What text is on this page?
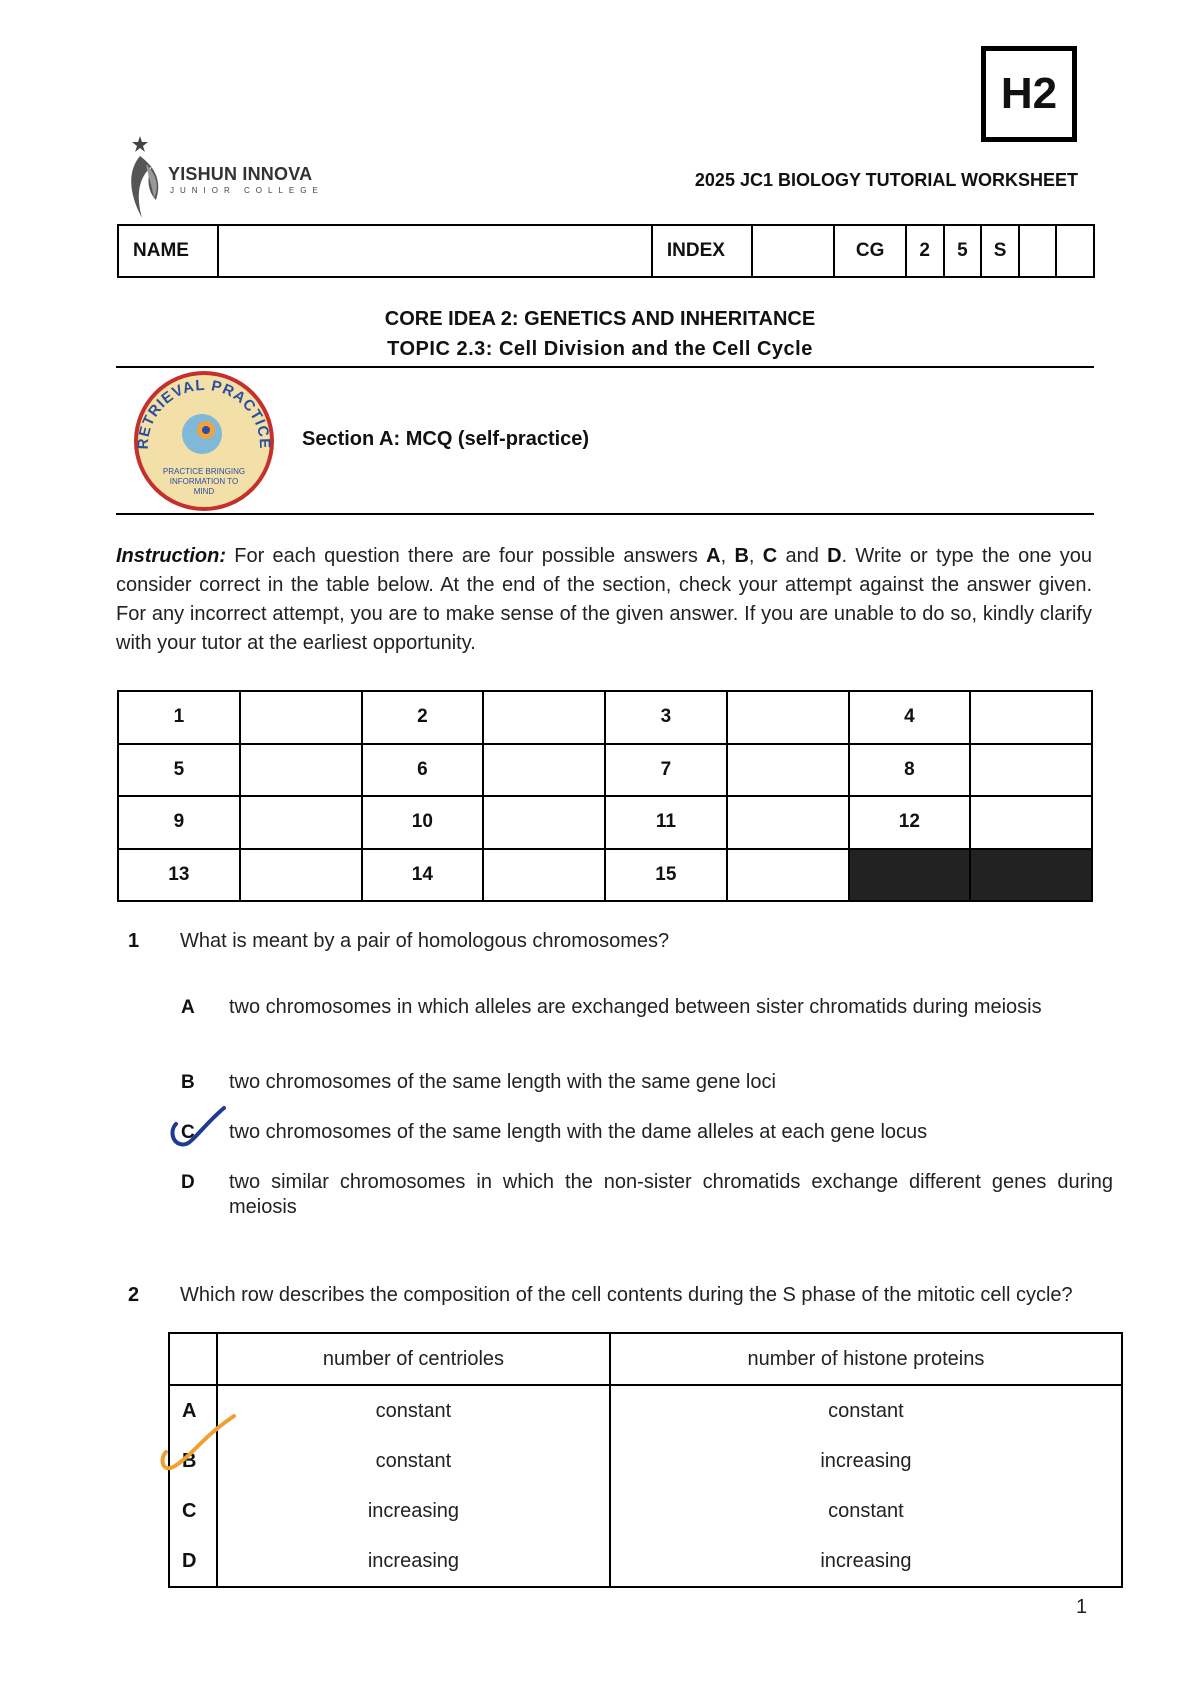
H2
YISHUN INNOVA
JUNIOR COLLEGE
2025 JC1 BIOLOGY TUTORIAL WORKSHEET
NAME		INDEX		CG	2	5	S		
CORE IDEA 2: GENETICS AND INHERITANCE
TOPIC 2.3: Cell Division and the Cell Cycle
RETRIEVAL PRACTICE
PRACTICE BRINGING
INFORMATION TO
MIND
Section A: MCQ (self-practice)
Instruction: For each question there are four possible answers A, B, C and D. Write or type the one you consider correct in the table below. At the end of the section, check your attempt against the answer given. For any incorrect attempt, you are to make sense of the given answer. If you are unable to do so, kindly clarify with your tutor at the earliest opportunity.
1		2		3		4	
5		6		7		8	
9		10		11		12	
13		14		15			
1 What is meant by a pair of homologous chromosomes?
A two chromosomes in which alleles are exchanged between sister chromatids during meiosis
B two chromosomes of the same length with the same gene loci
C two chromosomes of the same length with the dame alleles at each gene locus
D two similar chromosomes in which the non-sister chromatids exchange different genes during meiosis
2 Which row describes the composition of the cell contents during the S phase of the mitotic cell cycle?
	number of centrioles	number of histone proteins
A	constant	constant
B	constant	increasing
C	increasing	constant
D	increasing	increasing
1
